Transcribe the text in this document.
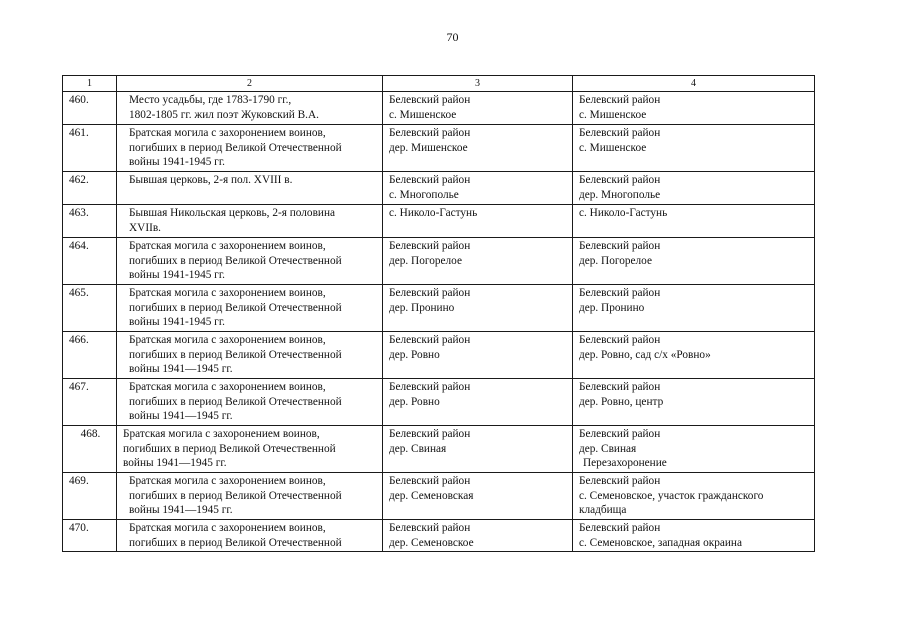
70
1	2	3	4
460.	Место усадьбы, где 1783-1790 гг.,
1802-1805 гг. жил поэт Жуковский В.А.	Белевский район
с. Мишенское	Белевский район
с. Мишенское

461.	Братская могила с захоронением воинов,
погибших в период Великой Отечественной
войны 1941-1945 гг.	Белевский район
дер. Мишенское	Белевский район
с. Мишенское

462.	Бывшая церковь, 2-я пол. XVIII в.	Белевский район
с. Многополье	Белевский район
дер. Многополье

463.	Бывшая Никольская церковь, 2-я половина
XVIIв.	с. Николо-Гастунь	с. Николо-Гастунь

464.	Братская могила с захоронением воинов,
погибших в период Великой Отечественной
войны 1941-1945 гг.	Белевский район
дер. Погорелое	Белевский район
дер. Погорелое

465.	Братская могила с захоронением воинов,
погибших в период Великой Отечественной
войны 1941-1945 гг.	Белевский район
дер. Пронино	Белевский район
дер. Пронино

466.	Братская могила с захоронением воинов,
погибших в период Великой Отечественной
войны 1941—1945 гг.	Белевский район
дер. Ровно	Белевский район
дер. Ровно, сад с/х «Ровно»

467.	Братская могила с захоронением воинов,
погибших в период Великой Отечественной
войны 1941—1945 гг.	Белевский район
дер. Ровно	Белевский район
дер. Ровно, центр

468.	Братская могила с захоронением воинов,
погибших в период Великой Отечественной
войны 1941—1945 гг.	Белевский район
дер. Свиная	Белевский район
дер. Свиная
Перезахоронение

469.	Братская могила с захоронением воинов,
погибших в период Великой Отечественной
войны 1941—1945 гг.	Белевский район
дер. Семеновская	Белевский район
с. Семеновское, участок гражданского
кладбища

470.	Братская могила с захоронением воинов,
погибших в период Великой Отечественной	Белевский район
дер. Семеновское	Белевский район
с. Семеновское, западная окраина
